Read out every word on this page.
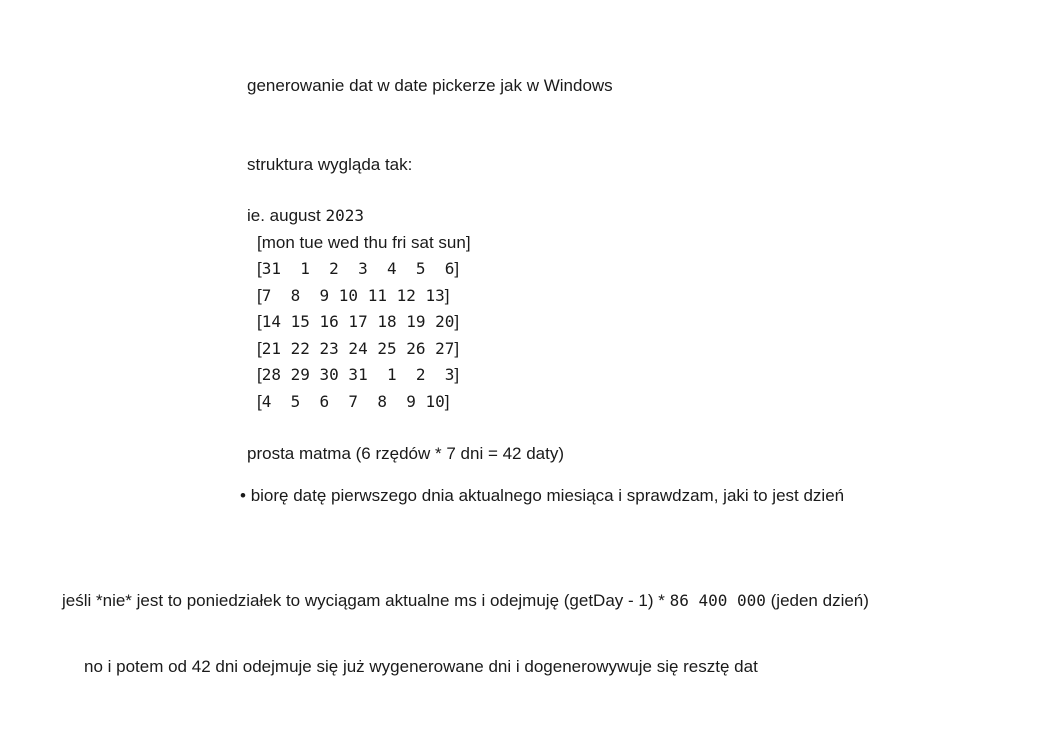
generowanie dat w date pickerze jak w Windows
struktura wygląda tak:
ie. august 2023
[mon tue wed thu fri sat sun]
[31  1  2  3  4  5  6]
[7  8  9 10 11 12 13]
[14 15 16 17 18 19 20]
[21 22 23 24 25 26 27]
[28 29 30 31  1  2  3]
[4  5  6  7  8  9 10]
prosta matma (6 rzędów * 7 dni = 42 daty)
• biorę datę pierwszego dnia aktualnego miesiąca i sprawdzam, jaki to jest dzień
jeśli *nie* jest to poniedziałek to wyciągam aktualne ms i odejmuję (getDay - 1) * 86 400 000 (jeden dzień)
no i potem od 42 dni odejmuje się już wygenerowane dni i dogenerowywuje się resztę dat
